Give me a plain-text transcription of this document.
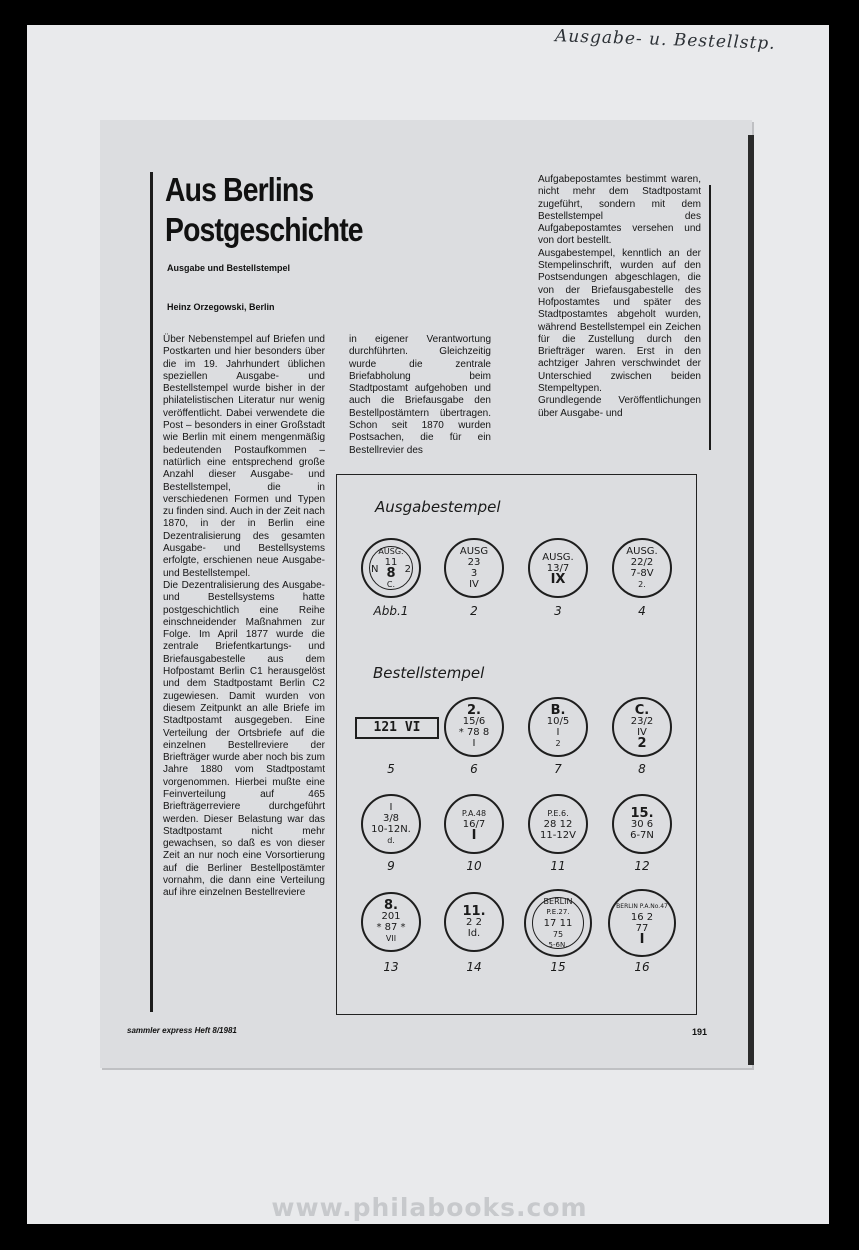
Ausgabe- u. Bestellstp.
Aus Berlins
Postgeschichte
Ausgabe und Bestellstempel
Heinz Orzegowski, Berlin

Über Nebenstempel auf Briefen und Postkarten und hier besonders über die im 19. Jahrhundert üblichen speziellen Ausgabe- und Bestellstempel wurde bisher in der philatelistischen Literatur nur wenig veröffentlicht. Dabei verwendete die Post – besonders in einer Großstadt wie Berlin mit einem mengenmäßig bedeutenden Postaufkommen – natürlich eine entsprechend große Anzahl dieser Ausgabe- und Bestellstempel, die in verschiedenen Formen und Typen zu finden sind. Auch in der Zeit nach 1870, in der in Berlin eine Dezentralisierung des gesamten Ausgabe- und Bestellsystems erfolgte, erschienen neue Ausgabe- und Bestellstempel.

Die Dezentralisierung des Ausgabe- und Bestellsystems hatte postgeschichtlich eine Reihe einschneidender Maßnahmen zur Folge. Im April 1877 wurde die zentrale Briefentkartungs- und Briefausgabestelle aus dem Hofpostamt Berlin C1 herausgelöst und dem Stadtpostamt Berlin C2 zugewiesen. Damit wurden von diesem Zeitpunkt an alle Briefe im Stadtpostamt ausgegeben. Eine Verteilung der Ortsbriefe auf die einzelnen Bestellreviere der Briefträger wurde aber noch bis zum Jahre 1880 vom Stadtpostamt vorgenommen. Hierbei mußte eine Feinverteilung auf 465 Briefträgerreviere durchgeführt werden. Dieser Belastung war das Stadtpostamt nicht mehr gewachsen, so daß es von dieser Zeit an nur noch eine Vorsortierung auf die Berliner Bestellpostämter vornahm, die dann eine Verteilung auf ihre einzelnen Bestellreviere

in eigener Verantwortung durchführten. Gleichzeitig wurde die zentrale Briefabholung beim Stadtpostamt aufgehoben und auch die Briefausgabe den Bestellpostämtern übertragen. Schon seit 1870 wurden Postsachen, die für ein Bestellrevier des

Aufgabepostamtes bestimmt waren, nicht mehr dem Stadtpostamt zugeführt, sondern mit dem Bestellstempel des Aufgabepostamtes versehen und von dort bestellt.

Ausgabestempel, kenntlich an der Stempelinschrift, wurden auf den Postsendungen abgeschlagen, die von der Briefausgabestelle des Hofpostamtes und später des Stadtpostamtes abgeholt wurden, während Bestellstempel ein Zeichen für die Zustellung durch den Briefträger waren. Erst in den achtziger Jahren verschwindet der Unterschied zwischen beiden Stempeltypen.

Grundlegende Veröffentlichungen über Ausgabe- und

Ausgabestempel
Bestellstempel
AUSG.
11
8
C.
N	2
AUSG
23
3
IV
AUSG.
13/7
IX
AUSG.
22/2
7-8V
2.
Abb.1	2	3	4
121 VI
2.
15/6
* 78 8
I
B.
10/5
I
2
C.
23/2
IV
2
5	6	7	8
I
3/8
10-12N.
d.
P.A.48
16/7
I
P.E.6.
28 12
11-12V
15.
30 6
6-7N
9	10	11	12
8.
201
* 87 *
VII
11.
2 2
Id.
BERLIN
P.E.27.
17 11
75
5-6N.
BERLIN P.A.No.47
16 2
77
I
13	14	15	16
sammler express Heft 8/1981	191
www.philabooks.com
